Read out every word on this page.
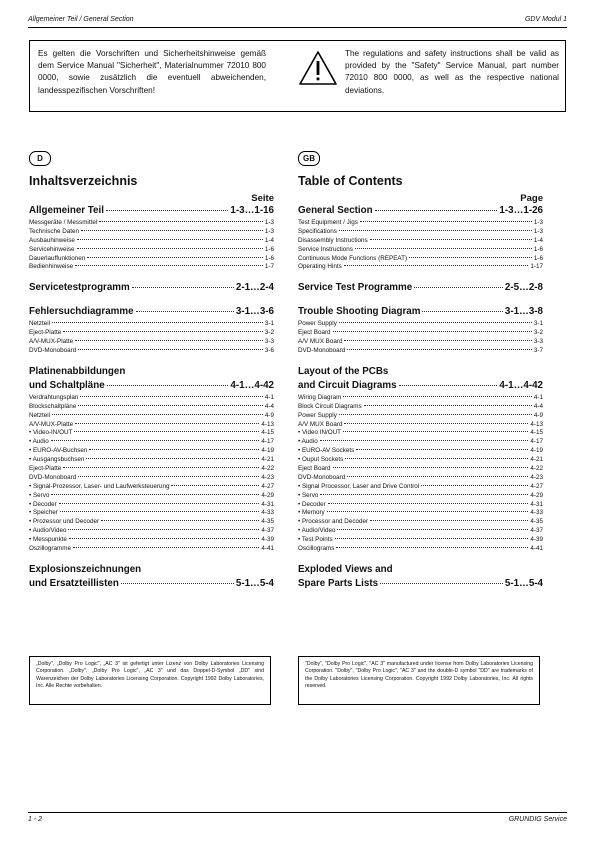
Allgemeiner Teil / General Section	GDV Modul 1
Es gelten die Vorschriften und Sicherheitshinweise gemäß dem Service Manual "Sicherheit", Materialnummer 72010 800 0000, sowie zusätzlich die eventuell abweichenden, landesspezifischen Vorschriften!
The regulations and safety instructions shall be valid as provided by the "Safety" Service Manual, part number 72010 800 0000, as well as the respective national deviations.
D
Inhaltsverzeichnis
Seite
Allgemeiner Teil	1-3…1-16
Messgeräte / Messmittel	1-3
Technische Daten	1-3
Ausbauhinweise	1-4
Servicehinweise	1-6
Dauerlauffunktionen	1-6
Bedienhinweise	1-7
Servicetestprogramm	2-1…2-4
Fehlersuchdiagramme	3-1…3-6
Netzteil	3-1
Eject-Platte	3-2
A/V-MUX-Platte	3-3
DVD-Monoboard	3-6
Platinenabbildungen
und Schaltpläne	4-1…4-42
Verdrahtungsplan	4-1
Blockschaltpläne	4-4
Netzteil	4-9
A/V-MUX-Platte	4-13
• Video-IN/OUT	4-15
• Audio	4-17
• EURO-AV-Buchsen	4-19
• Ausgangsbuchsen	4-21
Eject-Platte	4-22
DVD-Monoboard	4-23
• Signal-Prozessor, Laser- und Laufwerksteuerung	4-27
• Servo	4-29
• Decoder	4-31
• Speicher	4-33
• Prozessor und Decoder	4-35
• Audio/Video	4-37
• Messpunkte	4-39
Oszillogramme	4-41
Explosionszeichnungen
und Ersatzteillisten	5-1…5-4
GB
Table of Contents
Page
General Section	1-3…1-26
Test Equipment / Jigs	1-3
Specifications	1-3
Disassembly Instructions	1-4
Service Instructions	1-6
Continuous Mode Functions (REPEAT)	1-6
Operating Hints	1-17
Service Test Programme	2-5…2-8
Trouble Shooting Diagram	3-1…3-8
Power Supply	3-1
Eject Board	3-2
A/V MUX Board	3-3
DVD-Monoboard	3-7
Layout of the PCBs
and Circuit Diagrams	4-1…4-42
Wiring Diagram	4-1
Block Circuit Diagrams	4-4
Power Supply	4-9
A/V MUX Board	4-13
• Video IN/OUT	4-15
• Audio	4-17
• EURO-AV Sockets	4-19
• Ouput Sockets	4-21
Eject Board	4-22
DVD-Monoboard	4-23
• Signal Processor, Laser and Drive Control	4-27
• Servo	4-29
• Decoder	4-31
• Memory	4-33
• Processor and Decoder	4-35
• Audio/Video	4-37
• Test Points	4-39
Oscillograms	4-41
Exploded Views and
Spare Parts Lists	5-1…5-4
„Dolby", „Dolby Pro Logic", „AC 3" ist gefertigt unter Lizenz von Dolby Laboratories Licensing Corporation. „Dolby", „Dolby Pro Logic", „AC 3" und das Doppel-D-Symbol „DD" sind Warenzeichen der Dolby Laboratories Licensing Corporation. Copyright 1992 Dolby Laboratories, Inc. Alle Rechte vorbehalten.
"Dolby", "Dolby Pro Logic", "AC 3" manufactured under license from Dolby Laboratories Licensing Corporation. "Dolby", "Dolby Pro Logic", "AC 3" and the double-D symbol "DD" are trademarks of the Dolby Laboratories Licensing Corporation. Copyright 1992 Dolby Laboratories, Inc. All rights reserved.
1 - 2	GRUNDIG Service
